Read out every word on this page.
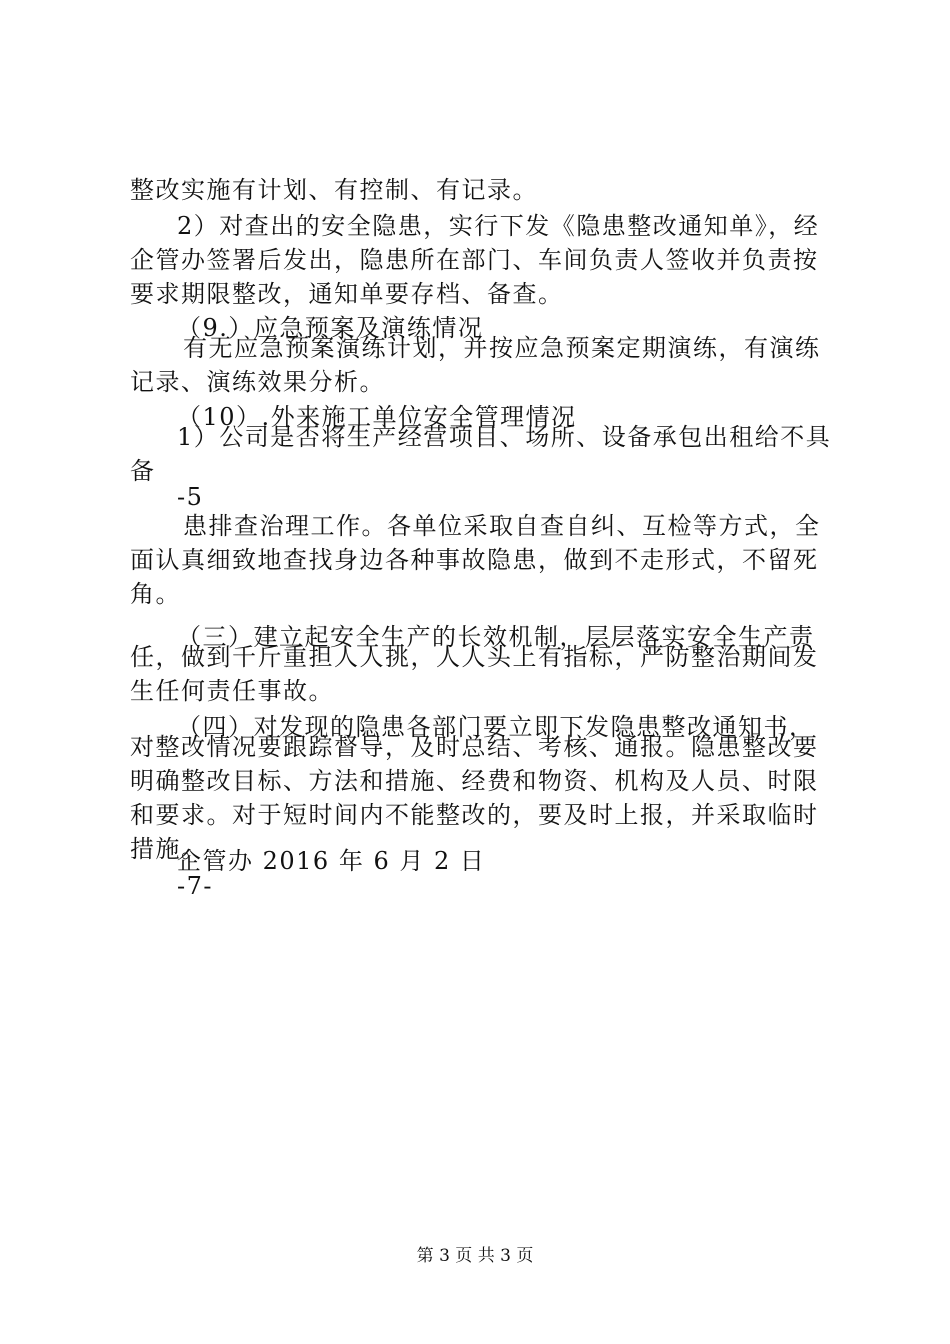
整改实施有计划、有控制、有记录。
2）对查出的安全隐患，实行下发《隐患整改通知单》，经
企管办签署后发出，隐患所在部门、车间负责人签收并负责按
要求期限整改，通知单要存档、备查。
（9.）应急预案及演练情况
有无应急预案演练计划，并按应急预案定期演练，有演练
记录、演练效果分析。
（10）.外来施工单位安全管理情况
1）公司是否将生产经营项目、场所、设备承包出租给不具
备
-5
患排查治理工作。各单位采取自查自纠、互检等方式，全
面认真细致地查找身边各种事故隐患，做到不走形式，不留死
角。
（三）建立起安全生产的长效机制，层层落实安全生产责
任，做到千斤重担人人挑，人人头上有指标，严防整治期间发
生任何责任事故。
（四）对发现的隐患各部门要立即下发隐患整改通知书，
对整改情况要跟踪督导，及时总结、考核、通报。隐患整改要
明确整改目标、方法和措施、经费和物资、机构及人员、时限
和要求。对于短时间内不能整改的，要及时上报，并采取临时
措施。
企管办 2016 年 6 月 2 日
-7-
第 3 页 共 3 页
